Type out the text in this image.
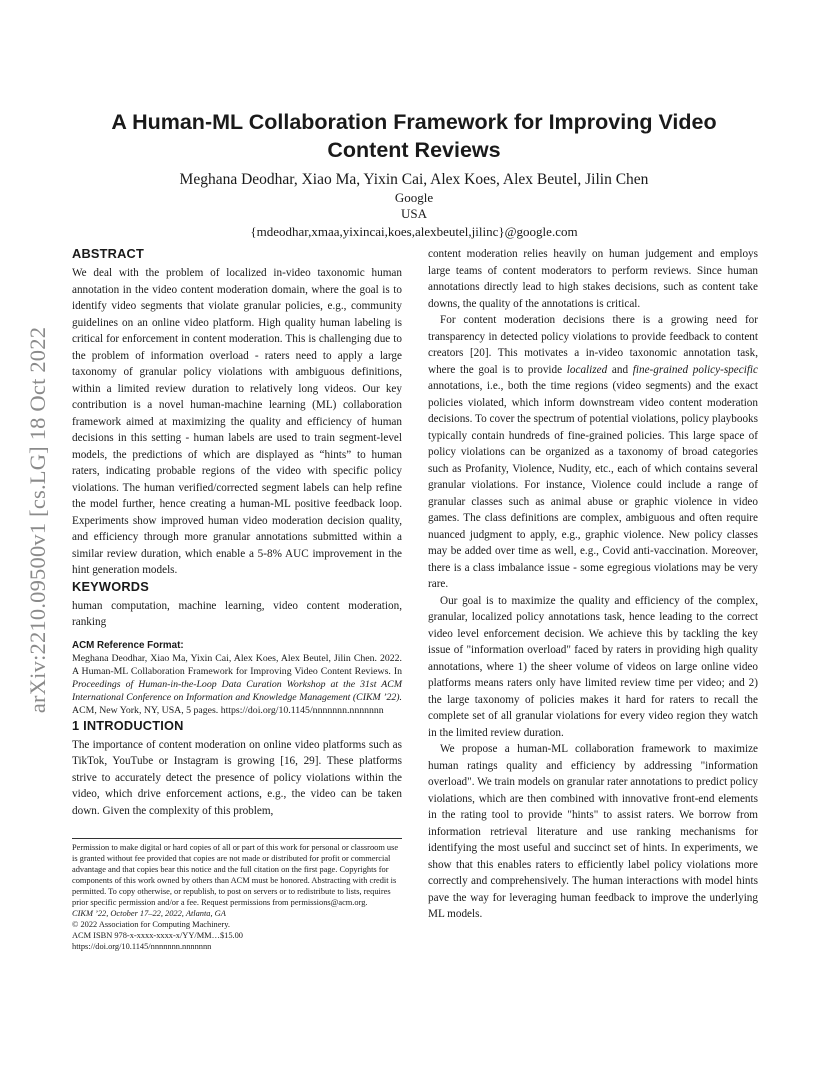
arXiv:2210.09500v1 [cs.LG] 18 Oct 2022
A Human-ML Collaboration Framework for Improving Video Content Reviews
Meghana Deodhar, Xiao Ma, Yixin Cai, Alex Koes, Alex Beutel, Jilin Chen
Google
USA
{mdeodhar,xmaa,yixincai,koes,alexbeutel,jilinc}@google.com
ABSTRACT

We deal with the problem of localized in-video taxonomic human annotation in the video content moderation domain, where the goal is to identify video segments that violate granular policies, e.g., community guidelines on an online video platform. High quality human labeling is critical for enforcement in content moderation. This is challenging due to the problem of information overload - raters need to apply a large taxonomy of granular policy violations with ambiguous definitions, within a limited review duration to relatively long videos. Our key contribution is a novel human-machine learning (ML) collaboration framework aimed at maximizing the quality and efficiency of human decisions in this setting - human labels are used to train segment-level models, the predictions of which are displayed as “hints” to human raters, indicating probable regions of the video with specific policy violations. The human verified/corrected segment labels can help refine the model further, hence creating a human-ML positive feedback loop. Experiments show improved human video moderation decision quality, and efficiency through more granular annotations submitted within a similar review duration, which enable a 5-8% AUC improvement in the hint generation models.

KEYWORDS

human computation, machine learning, video content moderation, ranking

ACM Reference Format:

Meghana Deodhar, Xiao Ma, Yixin Cai, Alex Koes, Alex Beutel, Jilin Chen. 2022. A Human-ML Collaboration Framework for Improving Video Content Reviews. In Proceedings of Human-in-the-Loop Data Curation Workshop at the 31st ACM International Conference on Information and Knowledge Management (CIKM ’22). ACM, New York, NY, USA, 5 pages. https://doi.org/10.1145/nnnnnnn.nnnnnnn

1 INTRODUCTION

The importance of content moderation on online video platforms such as TikTok, YouTube or Instagram is growing [16, 29]. These platforms strive to accurately detect the presence of policy violations within the video, which drive enforcement actions, e.g., the video can be taken down. Given the complexity of this problem,

Permission to make digital or hard copies of all or part of this work for personal or classroom use is granted without fee provided that copies are not made or distributed for profit or commercial advantage and that copies bear this notice and the full citation on the first page. Copyrights for components of this work owned by others than ACM must be honored. Abstracting with credit is permitted. To copy otherwise, or republish, to post on servers or to redistribute to lists, requires prior specific permission and/or a fee. Request permissions from permissions@acm.org.

CIKM ’22, October 17–22, 2022, Atlanta, GA

© 2022 Association for Computing Machinery.

ACM ISBN 978-x-xxxx-xxxx-x/YY/MM…$15.00

https://doi.org/10.1145/nnnnnnn.nnnnnnn

content moderation relies heavily on human judgement and employs large teams of content moderators to perform reviews. Since human annotations directly lead to high stakes decisions, such as content take downs, the quality of the annotations is critical.

For content moderation decisions there is a growing need for transparency in detected policy violations to provide feedback to content creators [20]. This motivates a in-video taxonomic annotation task, where the goal is to provide localized and fine-grained policy-specific annotations, i.e., both the time regions (video segments) and the exact policies violated, which inform downstream video content moderation decisions. To cover the spectrum of potential violations, policy playbooks typically contain hundreds of fine-grained policies. This large space of policy violations can be organized as a taxonomy of broad categories such as Profanity, Violence, Nudity, etc., each of which contains several granular violations. For instance, Violence could include a range of granular classes such as animal abuse or graphic violence in video games. The class definitions are complex, ambiguous and often require nuanced judgment to apply, e.g., graphic violence. New policy classes may be added over time as well, e.g., Covid anti-vaccination. Moreover, there is a class imbalance issue - some egregious violations may be very rare.

Our goal is to maximize the quality and efficiency of the complex, granular, localized policy annotations task, hence leading to the correct video level enforcement decision. We achieve this by tackling the key issue of "information overload" faced by raters in providing high quality annotations, where 1) the sheer volume of videos on large online video platforms means raters only have limited review time per video; and 2) the large taxonomy of policies makes it hard for raters to recall the complete set of all granular violations for every video region they watch in the limited review duration.

We propose a human-ML collaboration framework to maximize human ratings quality and efficiency by addressing "information overload". We train models on granular rater annotations to predict policy violations, which are then combined with innovative front-end elements in the rating tool to provide "hints" to assist raters. We borrow from information retrieval literature and use ranking mechanisms for identifying the most useful and succinct set of hints. In experiments, we show that this enables raters to efficiently label policy violations more correctly and comprehensively. The human interactions with model hints pave the way for leveraging human feedback to improve the underlying ML models.
